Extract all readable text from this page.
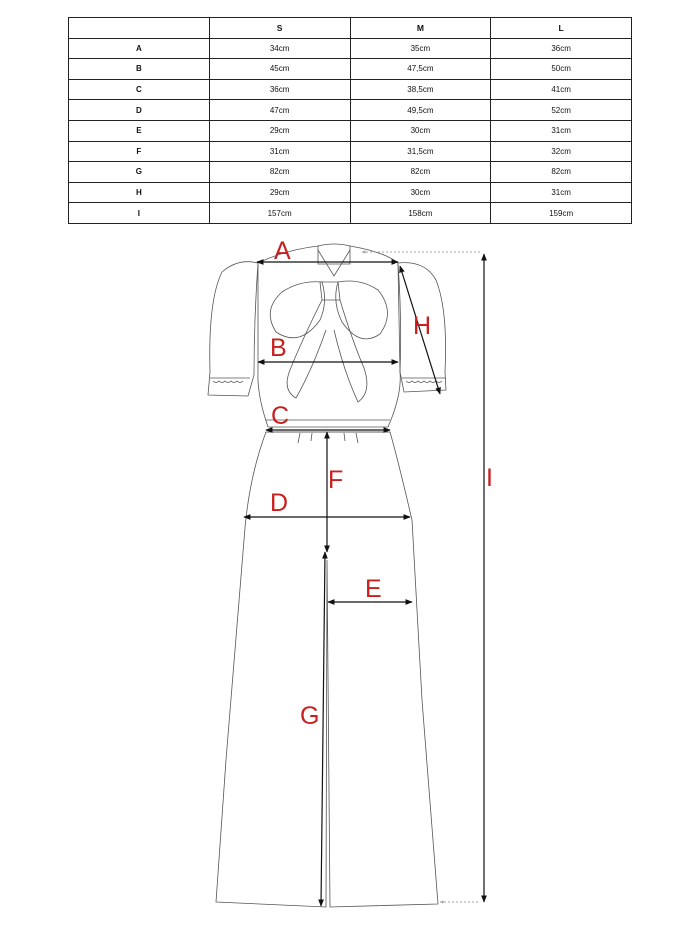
	S	M	L
A	34cm	35cm	36cm
B	45cm	47,5cm	50cm
C	36cm	38,5cm	41cm
D	47cm	49,5cm	52cm
E	29cm	30cm	31cm
F	31cm	31,5cm	32cm
G	82cm	82cm	82cm
H	29cm	30cm	31cm
I	157cm	158cm	159cm
A
B
C
D
E
F
G
H
I
